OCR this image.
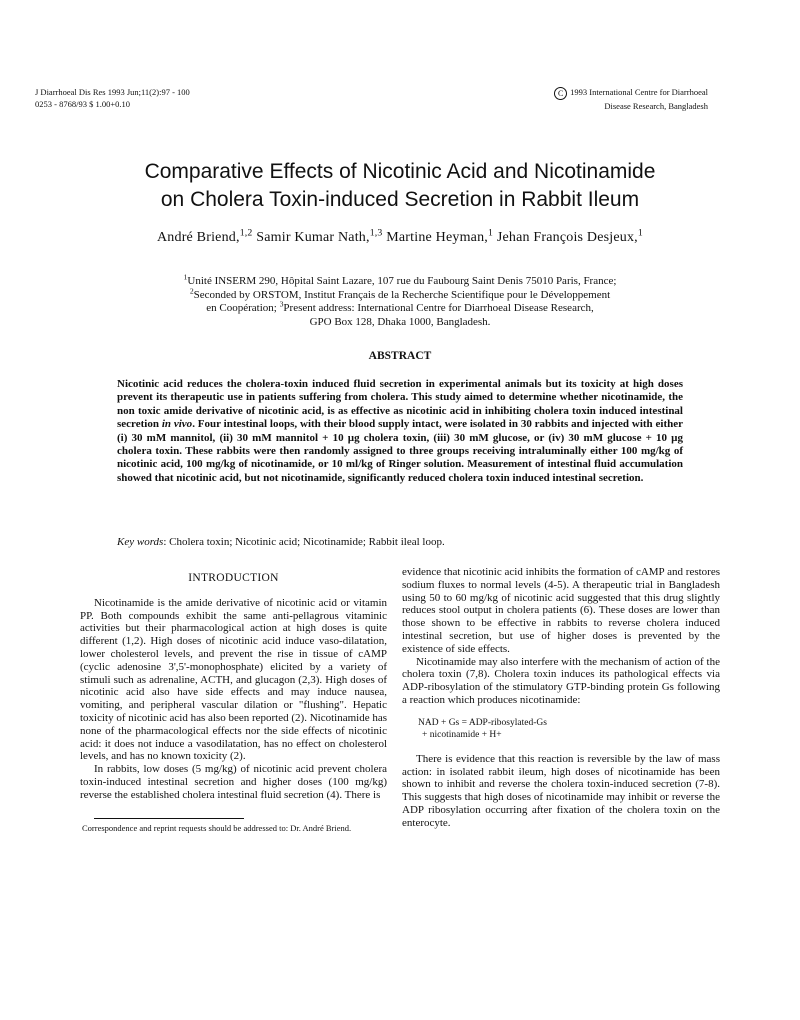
J Diarrhoeal Dis Res 1993 Jun;11(2):97 - 100
0253 - 8768/93 $ 1.00+0.10
C 1993 International Centre for Diarrhoeal
Disease Research, Bangladesh
Comparative Effects of Nicotinic Acid and Nicotinamide
on Cholera Toxin-induced Secretion in Rabbit Ileum
André Briend,$^{1,2}$ Samir Kumar Nath,$^{1,3}$ Martine Heyman,$^1$ Jehan François Desjeux,$^1$
$^1$Unité INSERM 290, Hôpital Saint Lazare, 107 rue du Faubourg Saint Denis 75010 Paris, France;
$^2$Seconded by ORSTOM, Institut Français de la Recherche Scientifique pour le Développement
en Coopération; $^3$Present address: International Centre for Diarrhoeal Disease Research,
GPO Box 128, Dhaka 1000, Bangladesh.
ABSTRACT
Nicotinic acid reduces the cholera-toxin induced fluid secretion in experimental animals but its toxicity at high doses prevent its therapeutic use in patients suffering from cholera. This study aimed to determine whether nicotinamide, the non toxic amide derivative of nicotinic acid, is as effective as nicotinic acid in inhibiting cholera toxin induced intestinal secretion in vivo. Four intestinal loops, with their blood supply intact, were isolated in 30 rabbits and injected with either (i) 30 mM mannitol, (ii) 30 mM mannitol + 10 µg cholera toxin, (iii) 30 mM glucose, or (iv) 30 mM glucose + 10 µg cholera toxin. These rabbits were then randomly assigned to three groups receiving intraluminally either 100 mg/kg of nicotinic acid, 100 mg/kg of nicotinamide, or 10 ml/kg of Ringer solution. Measurement of intestinal fluid accumulation showed that nicotinic acid, but not nicotinamide, significantly reduced cholera toxin induced intestinal secretion.
Key words: Cholera toxin; Nicotinic acid; Nicotinamide; Rabbit ileal loop.
INTRODUCTION

Nicotinamide is the amide derivative of nicotinic acid or vitamin PP. Both compounds exhibit the same anti-pellagrous vitaminic activities but their pharmacological action at high doses is quite different (1,2). High doses of nicotinic acid induce vaso-dilatation, lower cholesterol levels, and prevent the rise in tissue of cAMP (cyclic adenosine 3',5'-monophosphate) elicited by a variety of stimuli such as adrenaline, ACTH, and glucagon (2,3). High doses of nicotinic acid also have side effects and may induce nausea, vomiting, and peripheral vascular dilation or "flushing". Hepatic toxicity of nicotinic acid has also been reported (2). Nicotinamide has none of the pharmacological effects nor the side effects of nicotinic acid: it does not induce a vasodilatation, has no effect on cholesterol levels, and has no known toxicity (2).

In rabbits, low doses (5 mg/kg) of nicotinic acid prevent cholera toxin-induced intestinal secretion and higher doses (100 mg/kg) reverse the established cholera intestinal fluid secretion (4). There is

Correspondence and reprint requests should be addressed to: Dr. André Briend.

evidence that nicotinic acid inhibits the formation of cAMP and restores sodium fluxes to normal levels (4-5). A therapeutic trial in Bangladesh using 50 to 60 mg/kg of nicotinic acid suggested that this drug slightly reduces stool output in cholera patients (6). These doses are lower than those shown to be effective in rabbits to reverse cholera induced intestinal secretion, but use of higher doses is prevented by the existence of side effects.

Nicotinamide may also interfere with the mechanism of action of the cholera toxin (7,8). Cholera toxin induces its pathological effects via ADP-ribosylation of the stimulatory GTP-binding protein Gs following a reaction which produces nicotinamide:

NAD + Gs = ADP-ribosylated-Gs
+ nicotinamide + H+

There is evidence that this reaction is reversible by the law of mass action: in isolated rabbit ileum, high doses of nicotinamide has been shown to inhibit and reverse the cholera toxin-induced secretion (7-8). This suggests that high doses of nicotinamide may inhibit or reverse the ADP ribosylation occurring after fixation of the cholera toxin on the enterocyte.
